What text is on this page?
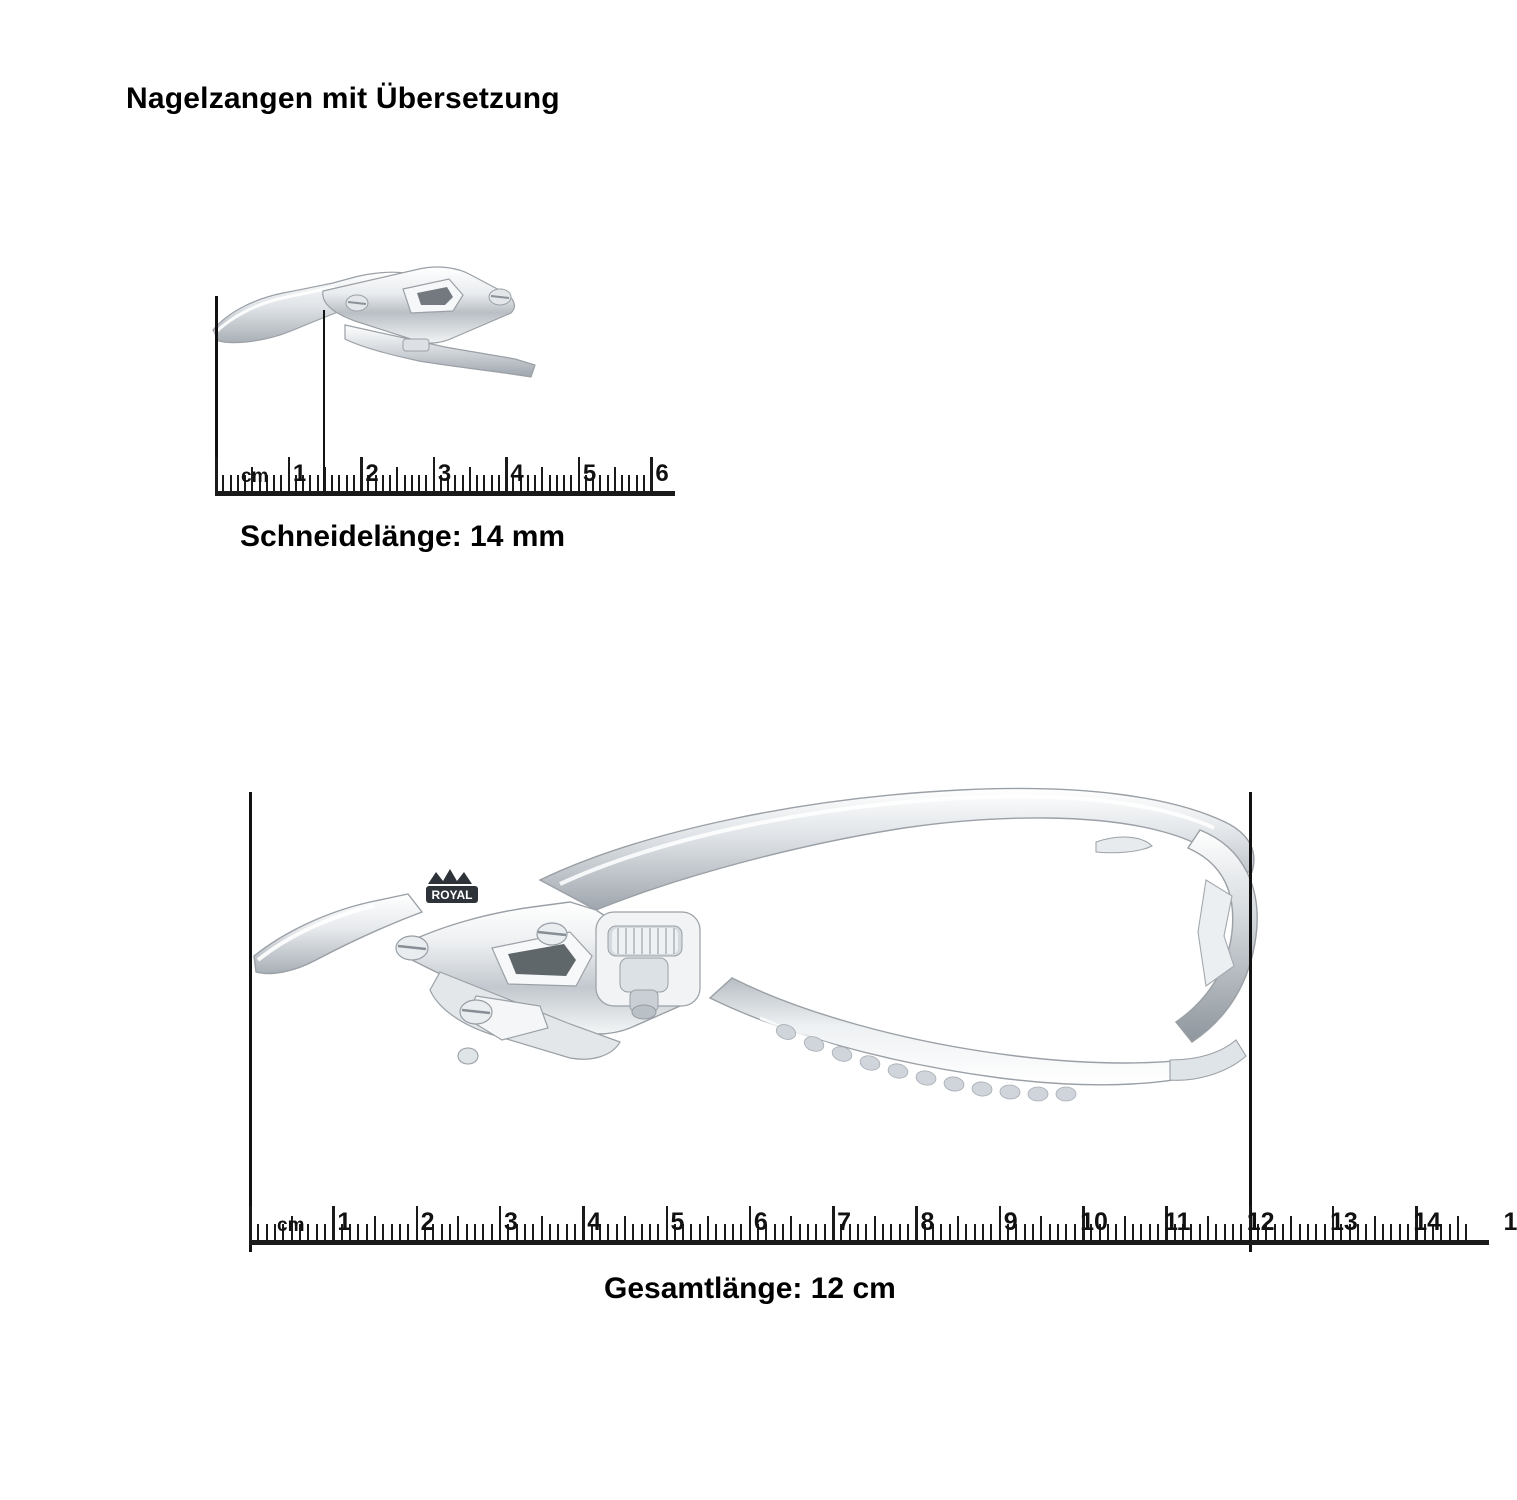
Nagelzangen mit Übersetzung
1 2 3 4 5 6
cm
Schneidelänge: 14 mm
ROYAL
1	2	3	4	5	6	7	8	9 10 11 12 13 14 1
cm
Gesamtlänge: 12 cm
